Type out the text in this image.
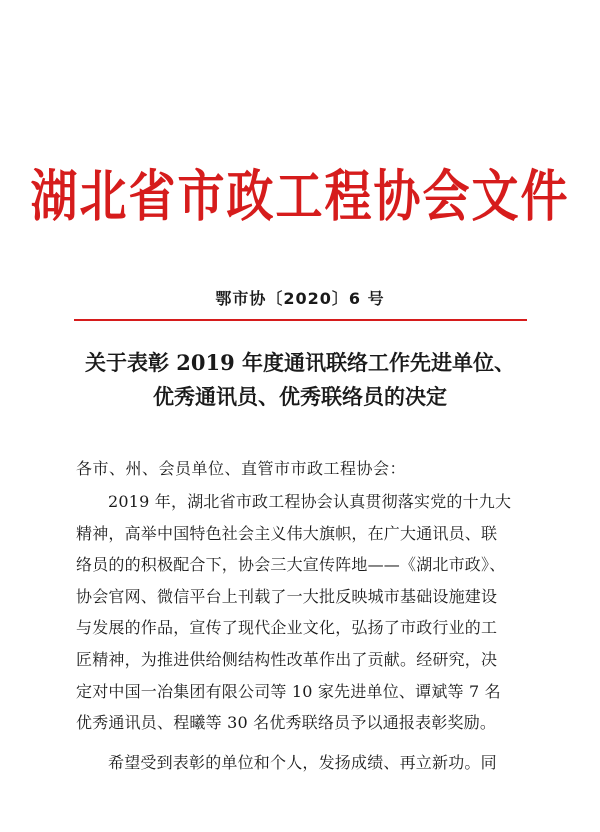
湖北省市政工程协会文件
鄂市协〔2020〕6 号
关于表彰 2019 年度通讯联络工作先进单位、
优秀通讯员、优秀联络员的决定
各市、州、会员单位、直管市市政工程协会：
2019 年，湖北省市政工程协会认真贯彻落实党的十九大
精神，高举中国特色社会主义伟大旗帜，在广大通讯员、联
络员的的积极配合下，协会三大宣传阵地——《湖北市政》、
协会官网、微信平台上刊载了一大批反映城市基础设施建设
与发展的作品，宣传了现代企业文化，弘扬了市政行业的工
匠精神，为推进供给侧结构性改革作出了贡献。经研究，决
定对中国一冶集团有限公司等 10 家先进单位、谭斌等 7 名
优秀通讯员、程曦等 30 名优秀联络员予以通报表彰奖励。
希望受到表彰的单位和个人，发扬成绩、再立新功。同
